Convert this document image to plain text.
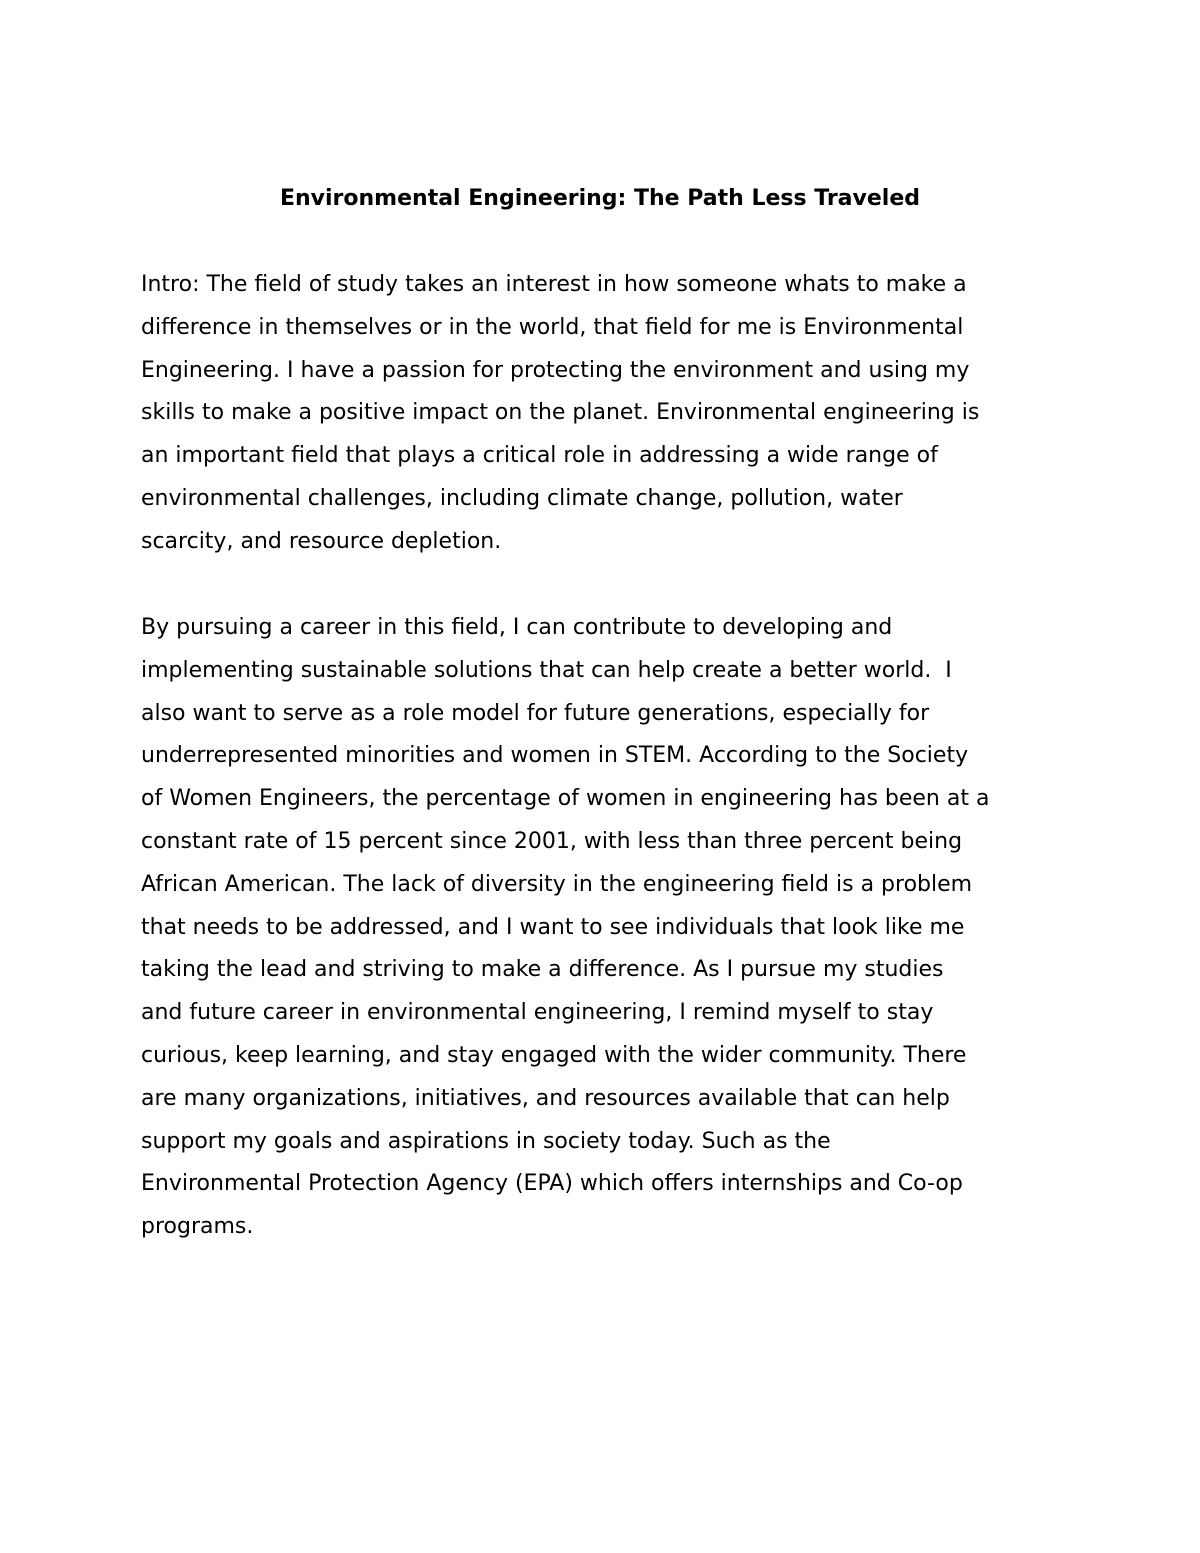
Environmental Engineering: The Path Less Traveled
Intro: The field of study takes an interest in how someone whats to make a
difference in themselves or in the world, that field for me is Environmental
Engineering. I have a passion for protecting the environment and using my
skills to make a positive impact on the planet. Environmental engineering is
an important field that plays a critical role in addressing a wide range of
environmental challenges, including climate change, pollution, water
scarcity, and resource depletion.
By pursuing a career in this field, I can contribute to developing and
implementing sustainable solutions that can help create a better world.  I
also want to serve as a role model for future generations, especially for
underrepresented minorities and women in STEM. According to the Society
of Women Engineers, the percentage of women in engineering has been at a
constant rate of 15 percent since 2001, with less than three percent being
African American. The lack of diversity in the engineering field is a problem
that needs to be addressed, and I want to see individuals that look like me
taking the lead and striving to make a difference. As I pursue my studies
and future career in environmental engineering, I remind myself to stay
curious, keep learning, and stay engaged with the wider community. There
are many organizations, initiatives, and resources available that can help
support my goals and aspirations in society today. Such as the
Environmental Protection Agency (EPA) which offers internships and Co-op
programs.
